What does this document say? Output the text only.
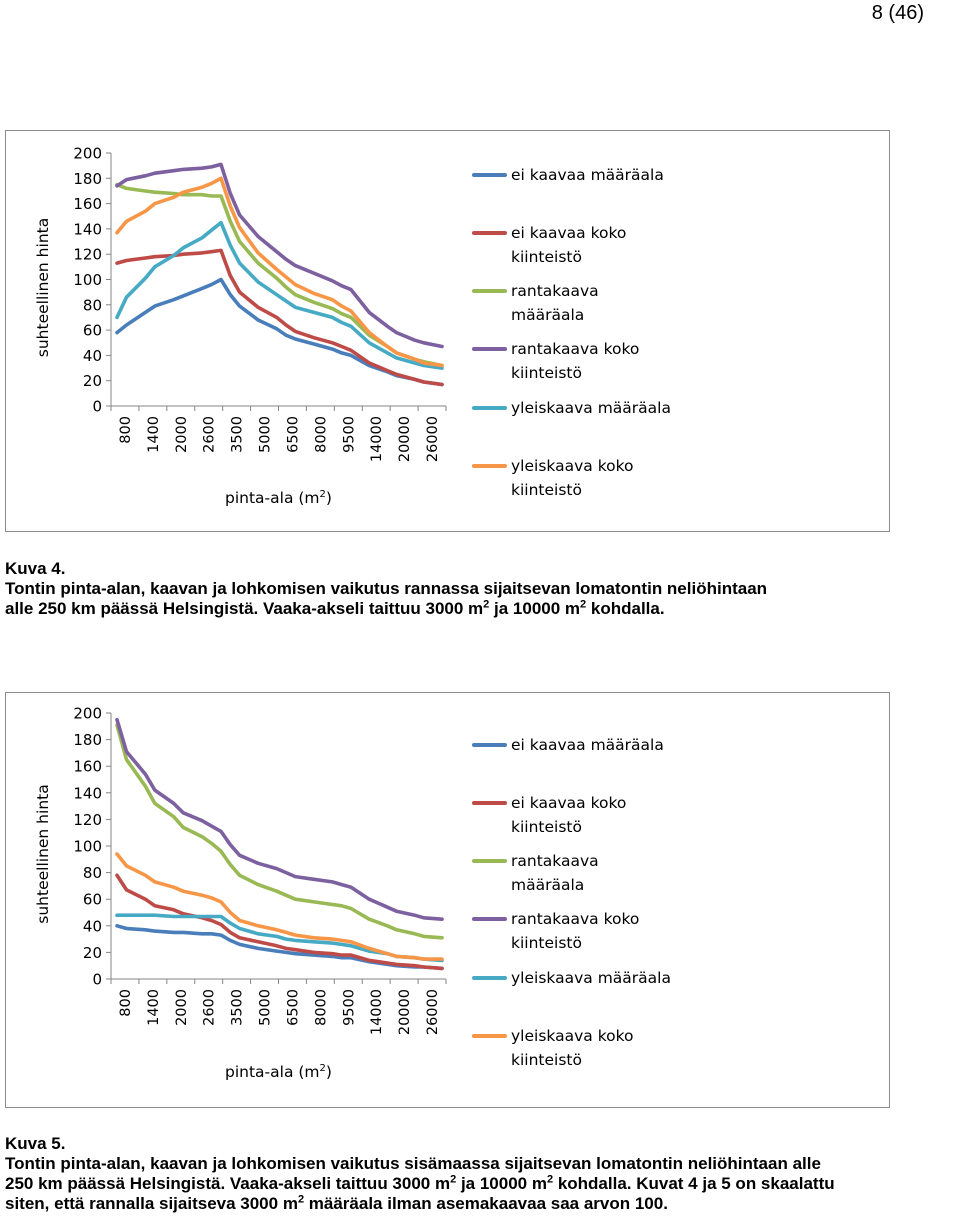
8 (46)
0
20
40
60
80
100
120
140
160
180
200
800 1400 2000 2600 3500 5000 6500 8000 9500 14000 20000 26000
suhteellinen hinta
pinta-ala $(m^2)$
ei kaavaa määräala
ei kaavaa koko kiinteistö
rantakaava määräala
rantakaava koko kiinteistö
yleiskaava määräala
yleiskaava koko kiinteistö
Kuva 4.
Tontin pinta-alan, kaavan ja lohkomisen vaikutus rannassa sijaitsevan lomatontin neliöhintaan
alle 250 km päässä Helsingistä. Vaaka-akseli taittuu 3000 $m^2$ ja 10000 $m^2$ kohdalla.
0
20
40
60
80
100
120
140
160
180
200
800 1400 2000 2600 3500 5000 6500 8000 9500 14000 20000 26000
suhteellinen hinta
pinta-ala $(m^2)$
ei kaavaa määräala
ei kaavaa koko kiinteistö
rantakaava määräala
rantakaava koko kiinteistö
yleiskaava määräala
yleiskaava koko kiinteistö
Kuva 5.
Tontin pinta-alan, kaavan ja lohkomisen vaikutus sisämaassa sijaitsevan lomatontin neliöhintaan alle
250 km päässä Helsingistä. Vaaka-akseli taittuu 3000 $m^2$ ja 10000 $m^2$ kohdalla. Kuvat 4 ja 5 on skaalattu
siten, että rannalla sijaitseva 3000 $m^2$ määräala ilman asemakaavaa saa arvon 100.
